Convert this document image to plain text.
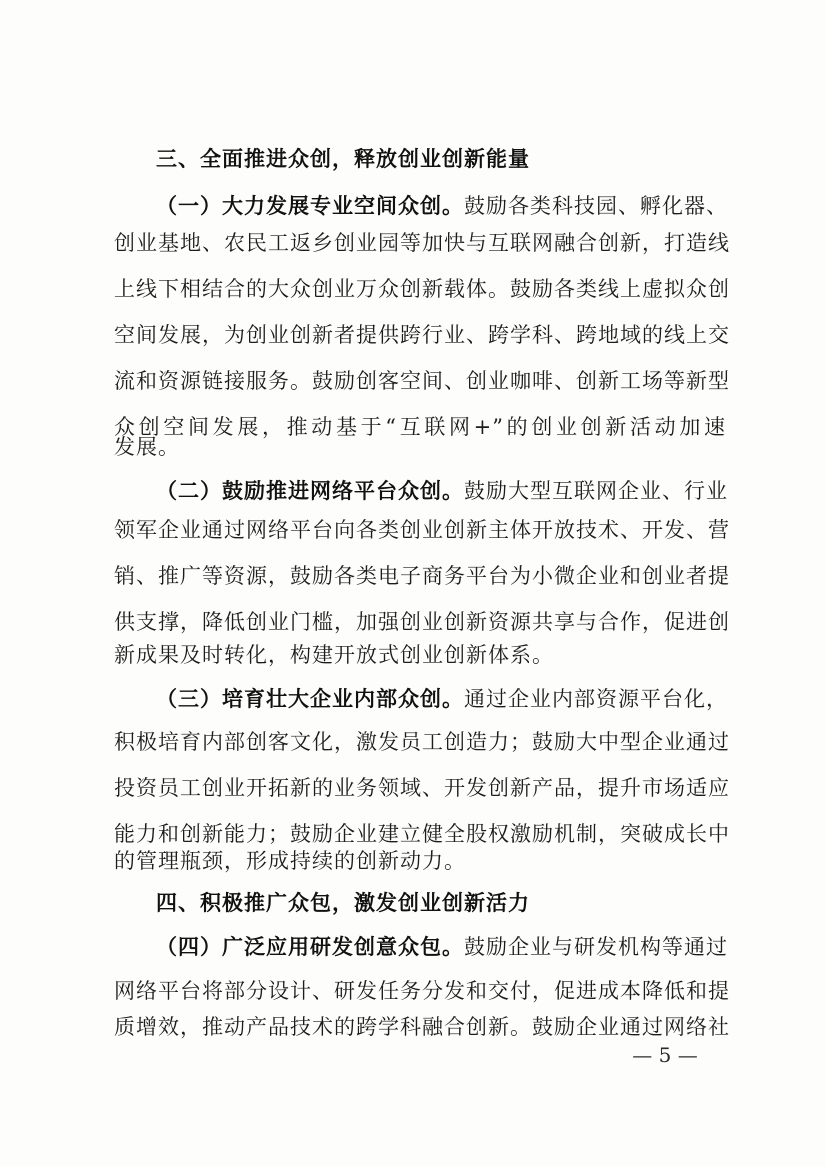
三、全面推进众创，释放创业创新能量
（一）大力发展专业空间众创。鼓励各类科技园、孵化器、
创业基地、农民工返乡创业园等加快与互联网融合创新，打造线
上线下相结合的大众创业万众创新载体。鼓励各类线上虚拟众创
空间发展，为创业创新者提供跨行业、跨学科、跨地域的线上交
流和资源链接服务。鼓励创客空间、创业咖啡、创新工场等新型
众创空间发展，推动基于“互联网+”的创业创新活动加速
发展。
（二）鼓励推进网络平台众创。鼓励大型互联网企业、行业
领军企业通过网络平台向各类创业创新主体开放技术、开发、营
销、推广等资源，鼓励各类电子商务平台为小微企业和创业者提
供支撑，降低创业门槛，加强创业创新资源共享与合作，促进创
新成果及时转化，构建开放式创业创新体系。
（三）培育壮大企业内部众创。通过企业内部资源平台化，
积极培育内部创客文化，激发员工创造力；鼓励大中型企业通过
投资员工创业开拓新的业务领域、开发创新产品，提升市场适应
能力和创新能力；鼓励企业建立健全股权激励机制，突破成长中
的管理瓶颈，形成持续的创新动力。
四、积极推广众包，激发创业创新活力
（四）广泛应用研发创意众包。鼓励企业与研发机构等通过
网络平台将部分设计、研发任务分发和交付，促进成本降低和提
质增效，推动产品技术的跨学科融合创新。鼓励企业通过网络社
— 5 —
